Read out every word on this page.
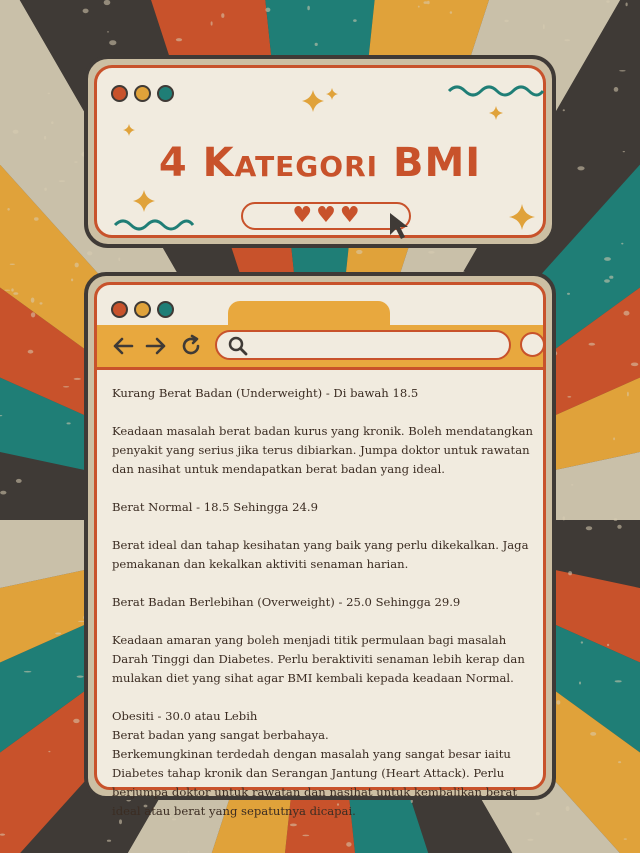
4 Kategori BMI
♥ ♥ ♥

Kurang Berat Badan (Underweight) - Di bawah 18.5

Keadaan masalah berat badan kurus yang kronik. Boleh mendatangkan penyakit yang serius jika terus dibiarkan. Jumpa doktor untuk rawatan dan nasihat untuk mendapatkan berat badan yang ideal.

Berat Normal - 18.5 Sehingga 24.9

Berat ideal dan tahap kesihatan yang baik yang perlu dikekalkan. Jaga pemakanan dan kekalkan aktiviti senaman harian.

Berat Badan Berlebihan (Overweight) - 25.0 Sehingga 29.9

Keadaan amaran yang boleh menjadi titik permulaan bagi masalah Darah Tinggi dan Diabetes. Perlu beraktiviti senaman lebih kerap dan mulakan diet yang sihat agar BMI kembali kepada keadaan Normal.

Obesiti - 30.0 atau Lebih

Berat badan yang sangat berbahaya.

Berkemungkinan terdedah dengan masalah yang sangat besar iaitu Diabetes tahap kronik dan Serangan Jantung (Heart Attack). Perlu berjumpa doktor untuk rawatan dan nasihat untuk kembalikan berat ideal atau berat yang sepatutnya dicapai.
